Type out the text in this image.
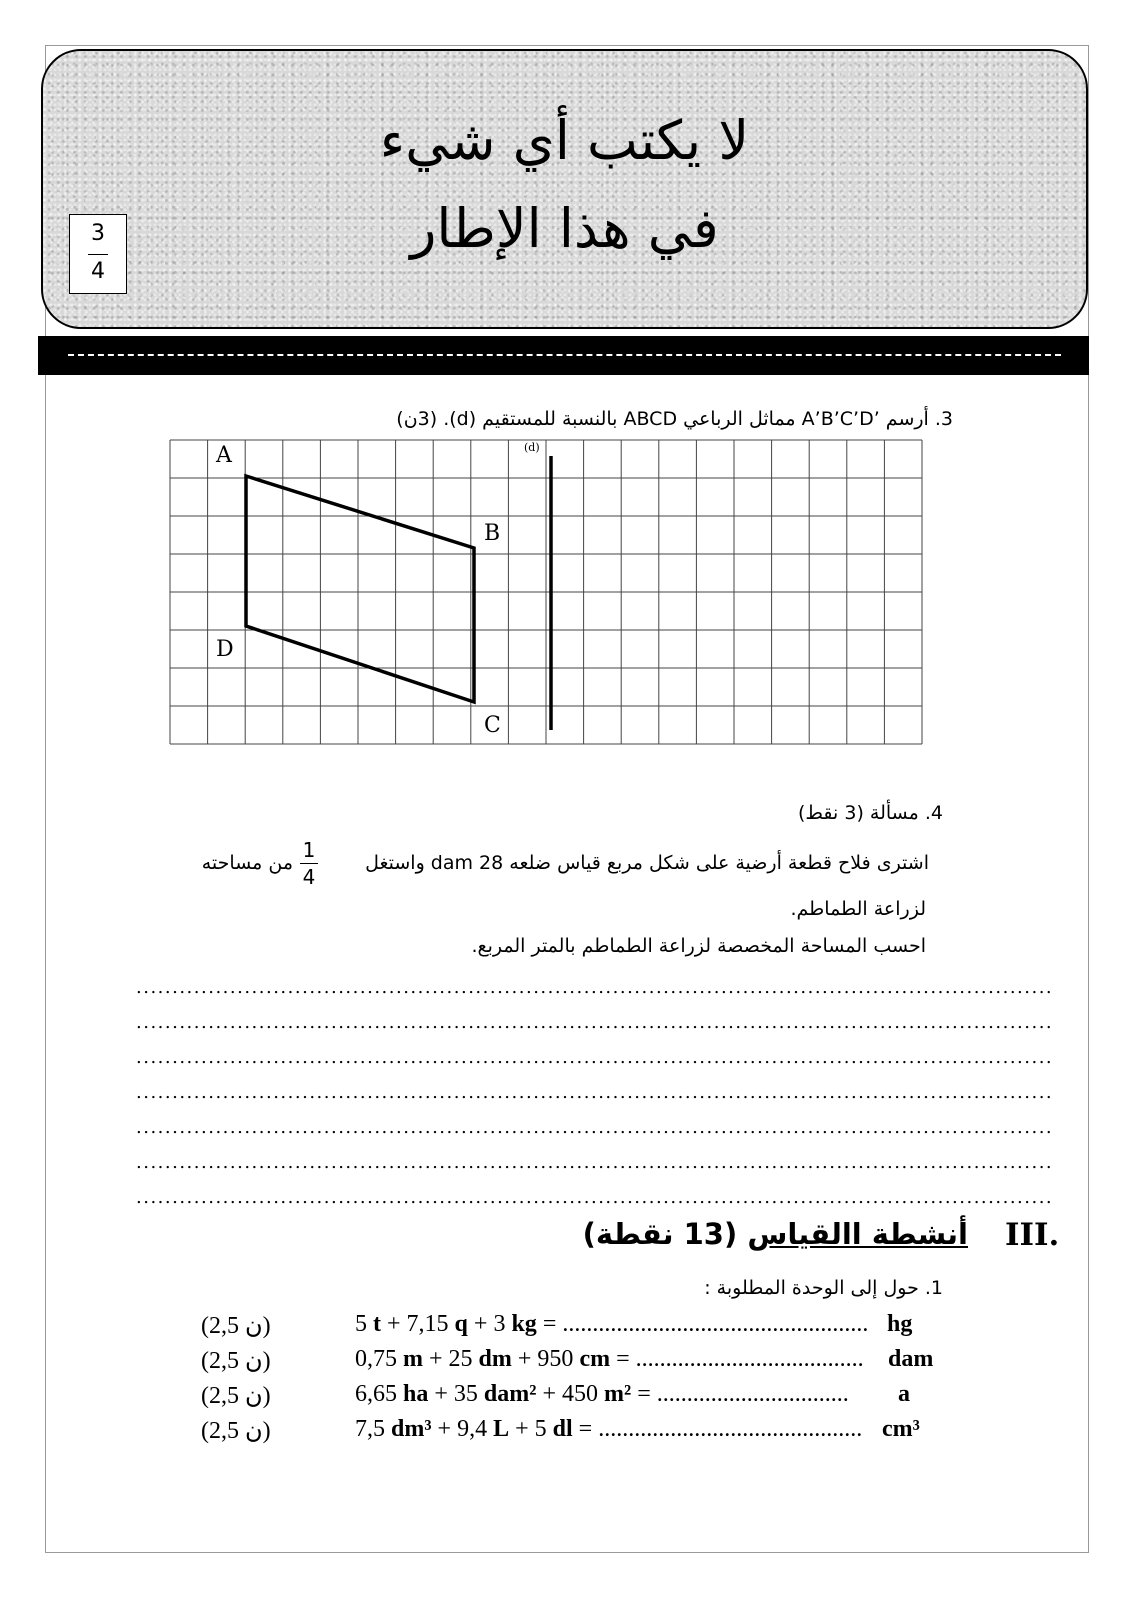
لا يكتب أي شيء
في هذا الإطار
3
4
3. أرسم ’A’B’C’D مماثل الرباعي ABCD بالنسبة للمستقيم (d). (3ن)
A
B
C
D
(d)
4. مسألة (3 نقط)
اشترى فلاح قطعة أرضية على شكل مربع قياس ضلعه 28 dam واستغل
1
4
من مساحته
لزراعة الطماطم.
احسب المساحة المخصصة لزراعة الطماطم بالمتر المربع.
...............................................................................................................................
...............................................................................................................................
...............................................................................................................................
...............................................................................................................................
...............................................................................................................................
...............................................................................................................................
...............................................................................................................................
III.
أنشطة االقياس (13 نقطة)
1. حول إلى الوحدة المطلوبة :
(2,5 ن)	5 t + 7,15 q + 3 kg = ................................................... hg
(2,5 ن)	0,75 m + 25 dm + 950 cm = ...................................... dam
(2,5 ن)	6,65 ha + 35 dam² + 450 m² = ................................ a
(2,5 ن)	7,5 dm³ + 9,4 L + 5 dl = ............................................ cm³
